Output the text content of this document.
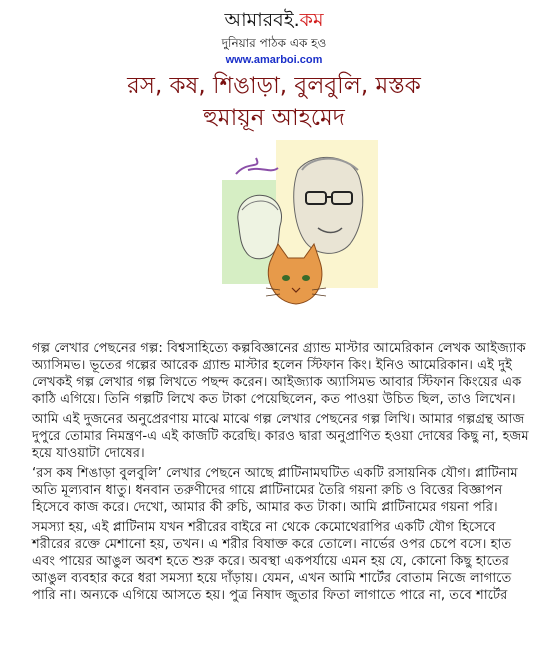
আমারবই.কম
দুনিয়ার পাঠক এক হও
www.amarboi.com
রস, কষ, শিঙাড়া, বুলবুলি, মস্তক
হুমায়ূন আহমেদ

গল্প লেখার পেছনের গল্প: বিশ্বসাহিত্যে কল্পবিজ্ঞানের গ্র্যান্ড মাস্টার আমেরিকান লেখক আইজ্যাক অ্যাসিমভ। ভূতের গল্পের আরেক গ্র্যান্ড মাস্টার হলেন স্টিফান কিং। ইনিও আমেরিকান। এই দুই লেখকই গল্প লেখার গল্প লিখতে পছন্দ করেন। আইজ্যাক অ্যাসিমভ আবার স্টিফান কিংয়ের এক কাঠি এগিয়ে। তিনি গল্পটি লিখে কত টাকা পেয়েছিলেন, কত পাওয়া উচিত ছিল, তাও লিখেন।

আমি এই দুজনের অনুপ্রেরণায় মাঝে মাঝে গল্প লেখার পেছনের গল্প লিখি। আমার গল্পগ্রন্থ আজ দুপুরে তোমার নিমন্ত্রণ-এ এই কাজটি করেছি। কারও দ্বারা অনুপ্রাণিত হওয়া দোষের কিছু না, হজম হয়ে যাওয়াটা দোষের।

‘রস কষ শিঙাড়া বুলবুলি’ লেখার পেছনে আছে প্লাটিনামঘটিত একটি রসায়নিক যৌগ। প্লাটিনাম অতি মূল্যবান ধাতু। ধনবান তরুণীদের গায়ে প্লাটিনামের তৈরি গয়না রুচি ও বিত্তের বিজ্ঞাপন হিসেবে কাজ করে। দেখো, আমার কী রুচি, আমার কত টাকা। আমি প্লাটিনামের গয়না পরি।

সমস্যা হয়, এই প্লাটিনাম যখন শরীরের বাইরে না থেকে কেমোথেরাপির একটি যৌগ হিসেবে শরীরের রক্তে মেশানো হয়, তখন। এ শরীর বিষাক্ত করে তোলে। নার্ভের ওপর চেপে বসে। হাত এবং পায়ের আঙুল অবশ হতে শুরু করে। অবস্থা একপর্যায়ে এমন হয় যে, কোনো কিছু হাতের আঙুল ব্যবহার করে ধরা সমস্যা হয়ে দাঁড়ায়। যেমন, এখন আমি শার্টের বোতাম নিজে লাগাতে পারি না। অন্যকে এগিয়ে আসতে হয়। পুত্র নিষাদ জুতার ফিতা লাগাতে পারে না, তবে শার্টের
